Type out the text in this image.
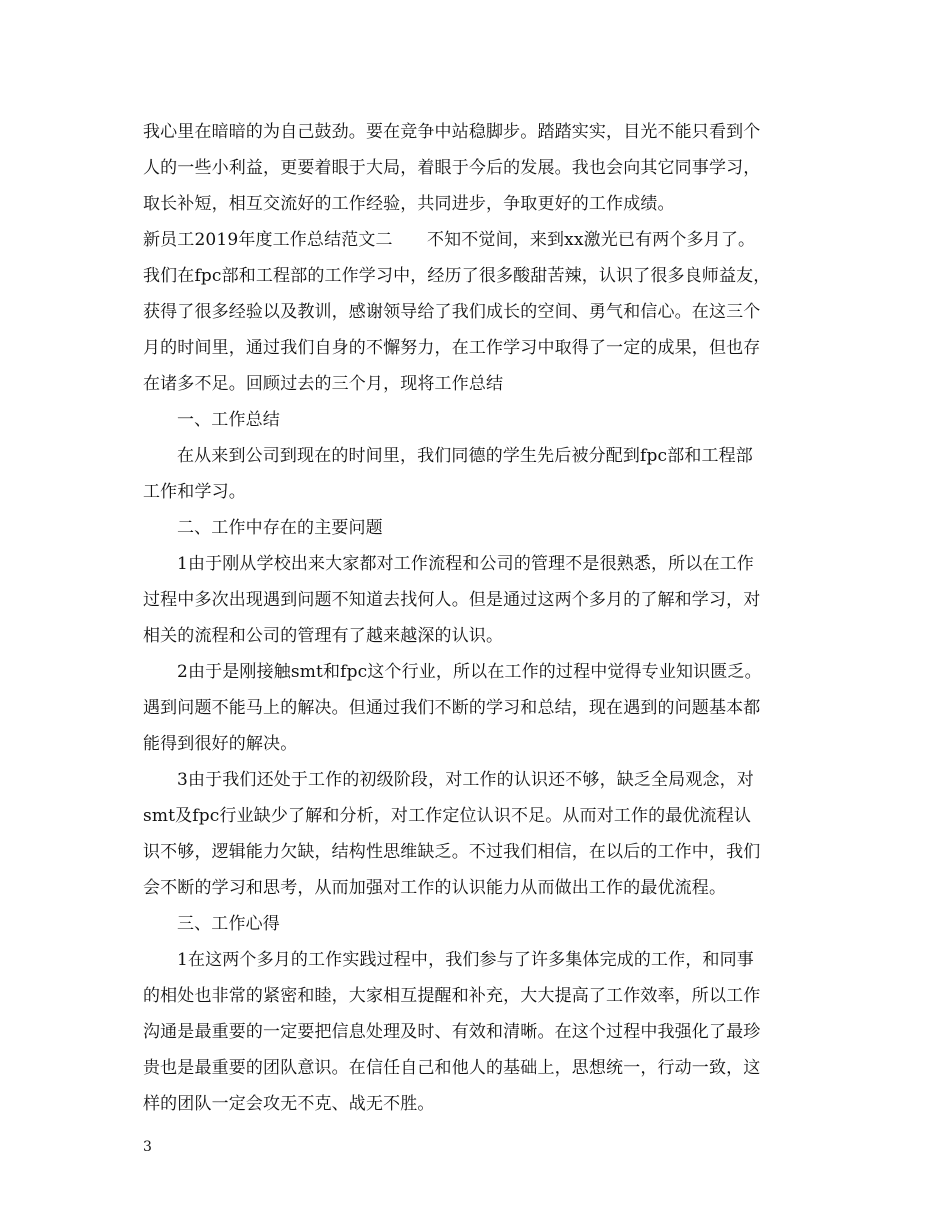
我心里在暗暗的为自己鼓劲。要在竞争中站稳脚步。踏踏实实，目光不能只看到个
人的一些小利益，更要着眼于大局，着眼于今后的发展。我也会向其它同事学习，
取长补短，相互交流好的工作经验，共同进步，争取更好的工作成绩。
新员工2019年度工作总结范文二　　不知不觉间，来到xx激光已有两个多月了。
我们在fpc部和工程部的工作学习中，经历了很多酸甜苦辣，认识了很多良师益友，
获得了很多经验以及教训，感谢领导给了我们成长的空间、勇气和信心。在这三个
月的时间里，通过我们自身的不懈努力，在工作学习中取得了一定的成果，但也存
在诸多不足。回顾过去的三个月，现将工作总结
一、工作总结
在从来到公司到现在的时间里，我们同德的学生先后被分配到fpc部和工程部
工作和学习。
二、工作中存在的主要问题
1由于刚从学校出来大家都对工作流程和公司的管理不是很熟悉，所以在工作
过程中多次出现遇到问题不知道去找何人。但是通过这两个多月的了解和学习，对
相关的流程和公司的管理有了越来越深的认识。
2由于是刚接触smt和fpc这个行业，所以在工作的过程中觉得专业知识匮乏。
遇到问题不能马上的解决。但通过我们不断的学习和总结，现在遇到的问题基本都
能得到很好的解决。
3由于我们还处于工作的初级阶段，对工作的认识还不够，缺乏全局观念，对
smt及fpc行业缺少了解和分析，对工作定位认识不足。从而对工作的最优流程认
识不够，逻辑能力欠缺，结构性思维缺乏。不过我们相信，在以后的工作中，我们
会不断的学习和思考，从而加强对工作的认识能力从而做出工作的最优流程。
三、工作心得
1在这两个多月的工作实践过程中，我们参与了许多集体完成的工作，和同事
的相处也非常的紧密和睦，大家相互提醒和补充，大大提高了工作效率，所以工作
沟通是最重要的一定要把信息处理及时、有效和清晰。在这个过程中我强化了最珍
贵也是最重要的团队意识。在信任自己和他人的基础上，思想统一，行动一致，这
样的团队一定会攻无不克、战无不胜。
3
